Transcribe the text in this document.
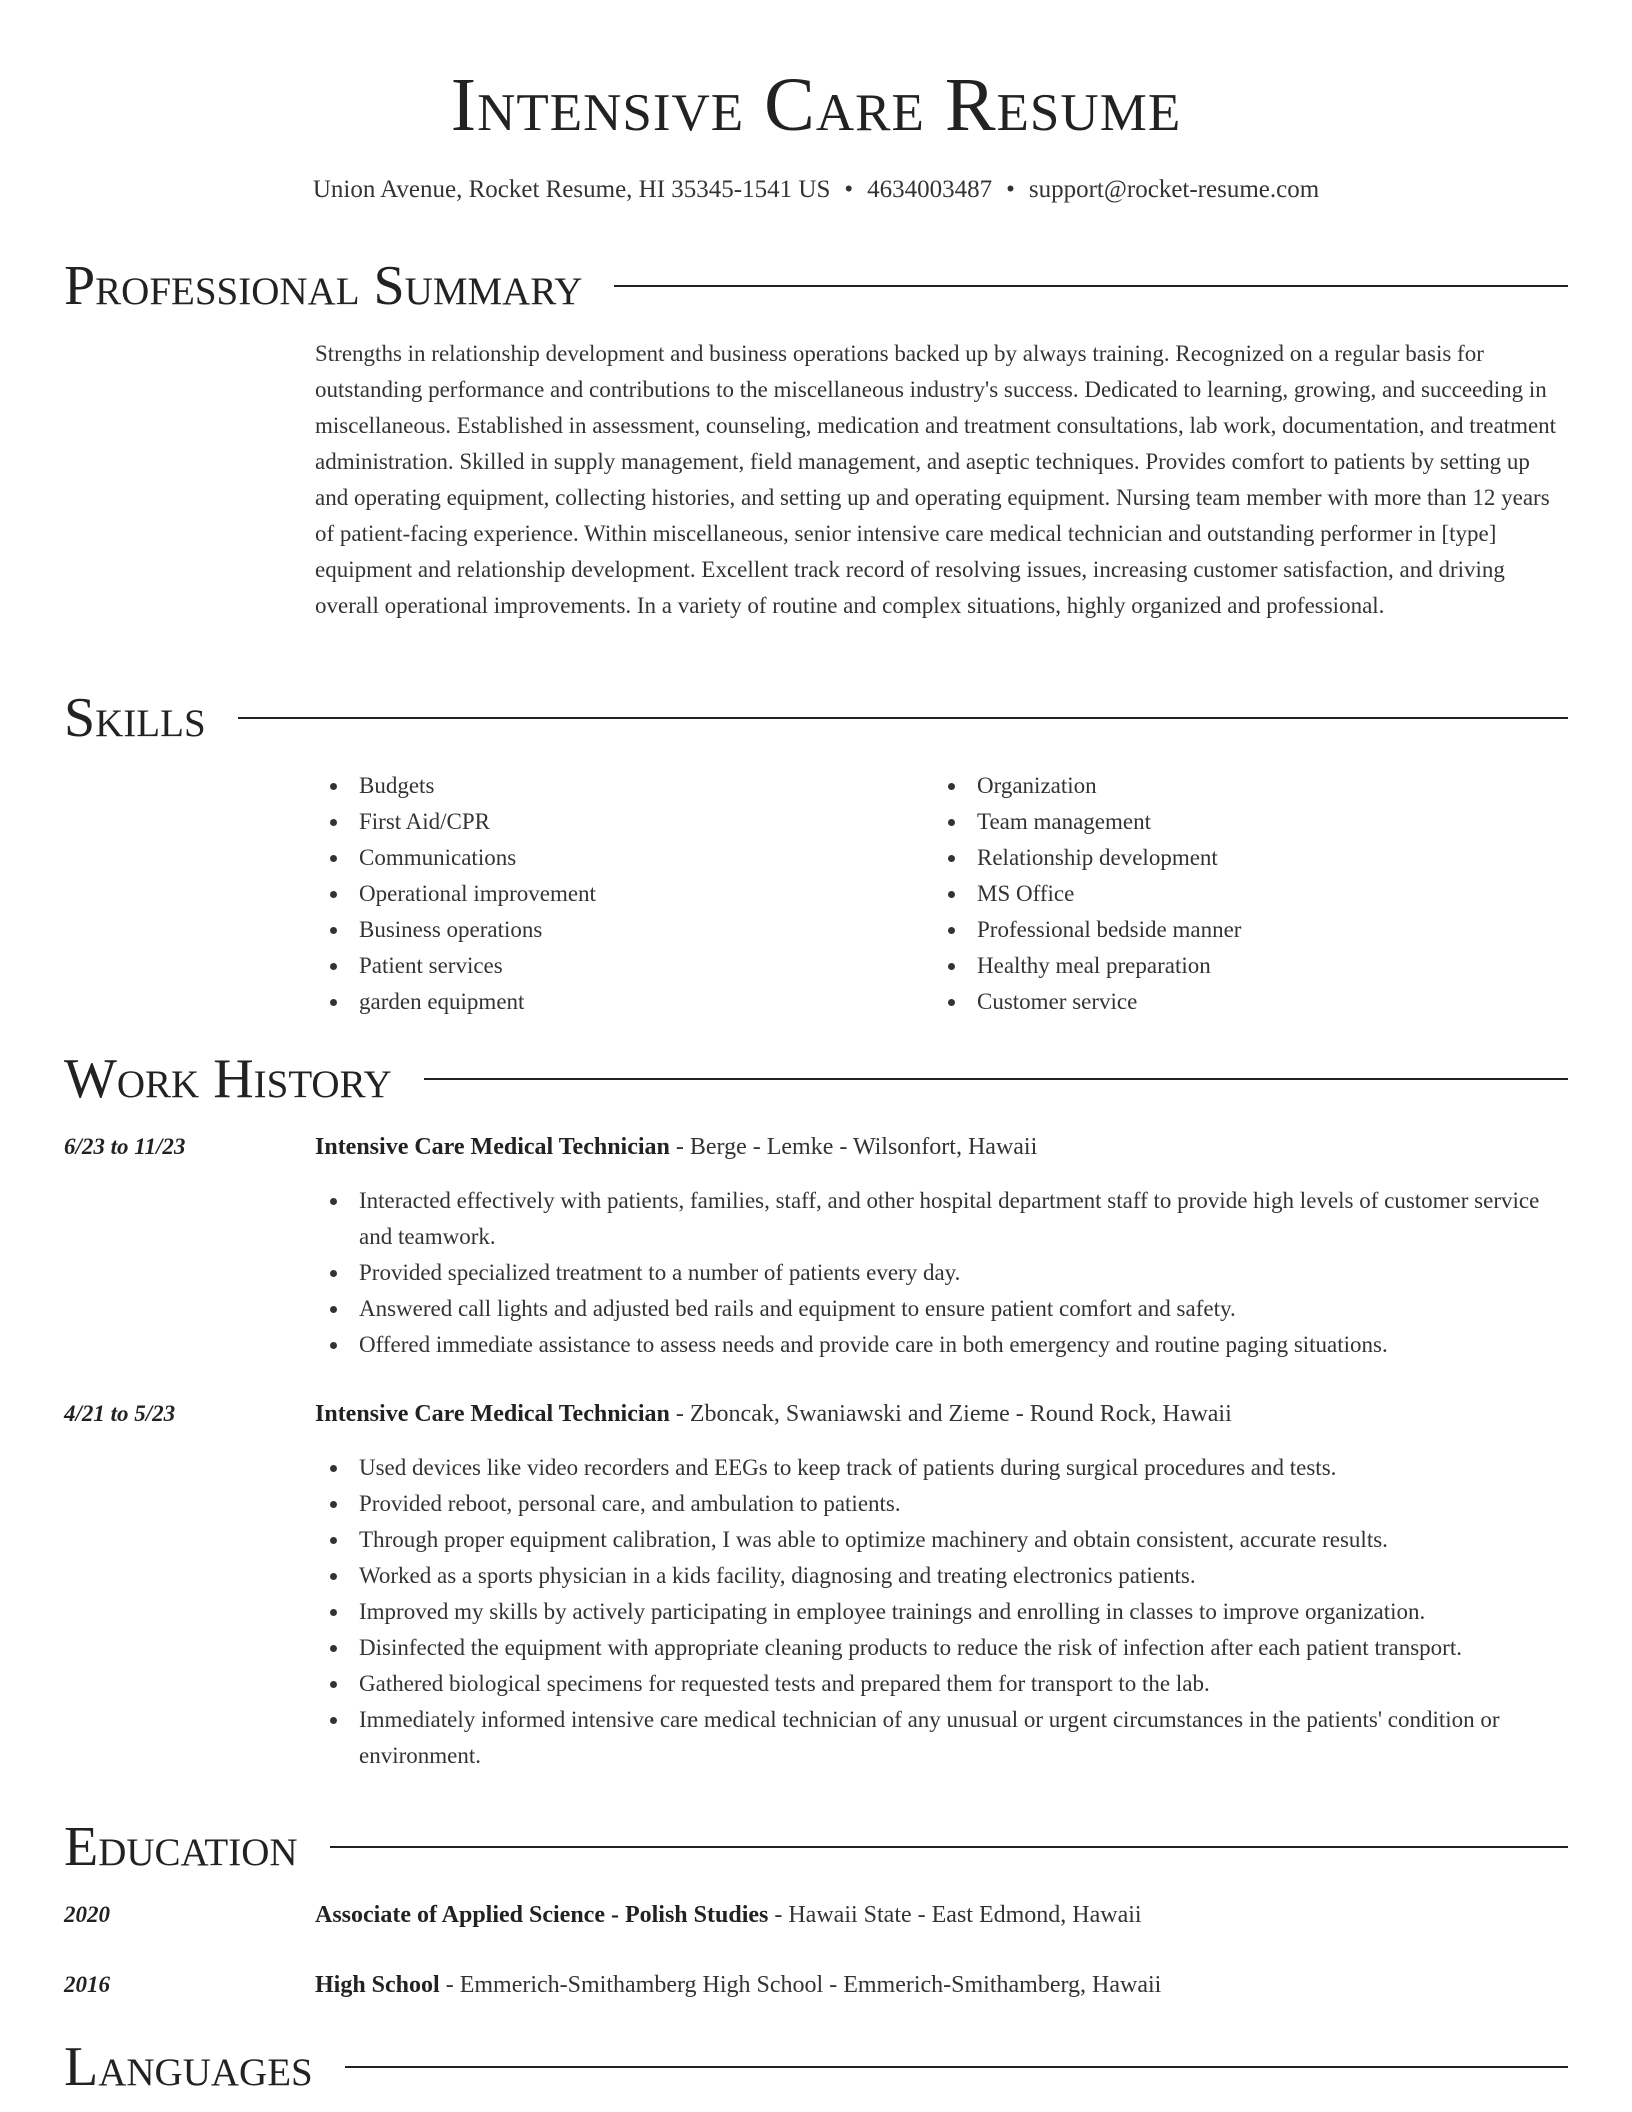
Intensive Care Resume
Union Avenue, Rocket Resume, HI 35345-1541 US • 4634003487 • support@rocket-resume.com
Professional Summary

Strengths in relationship development and business operations backed up by always training. Recognized on a regular basis for outstanding performance and contributions to the miscellaneous industry's success. Dedicated to learning, growing, and succeeding in miscellaneous. Established in assessment, counseling, medication and treatment consultations, lab work, documentation, and treatment administration. Skilled in supply management, field management, and aseptic techniques. Provides comfort to patients by setting up and operating equipment, collecting histories, and setting up and operating equipment. Nursing team member with more than 12 years of patient-facing experience. Within miscellaneous, senior intensive care medical technician and outstanding performer in [type] equipment and relationship development. Excellent track record of resolving issues, increasing customer satisfaction, and driving overall operational improvements. In a variety of routine and complex situations, highly organized and professional.

Skills
Budgets
First Aid/CPR
Communications
Operational improvement
Business operations
Patient services
garden equipment
Organization
Team management
Relationship development
MS Office
Professional bedside manner
Healthy meal preparation
Customer service
Work History
6/23 to 11/23	Intensive Care Medical Technician - Berge - Lemke - Wilsonfort, Hawaii
Interacted effectively with patients, families, staff, and other hospital department staff to provide high levels of customer service and teamwork.
Provided specialized treatment to a number of patients every day.
Answered call lights and adjusted bed rails and equipment to ensure patient comfort and safety.
Offered immediate assistance to assess needs and provide care in both emergency and routine paging situations.
4/21 to 5/23	Intensive Care Medical Technician - Zboncak, Swaniawski and Zieme - Round Rock, Hawaii
Used devices like video recorders and EEGs to keep track of patients during surgical procedures and tests.
Provided reboot, personal care, and ambulation to patients.
Through proper equipment calibration, I was able to optimize machinery and obtain consistent, accurate results.
Worked as a sports physician in a kids facility, diagnosing and treating electronics patients.
Improved my skills by actively participating in employee trainings and enrolling in classes to improve organization.
Disinfected the equipment with appropriate cleaning products to reduce the risk of infection after each patient transport.
Gathered biological specimens for requested tests and prepared them for transport to the lab.
Immediately informed intensive care medical technician of any unusual or urgent circumstances in the patients' condition or environment.
Education
2020	Associate of Applied Science - Polish Studies - Hawaii State - East Edmond, Hawaii
2016	High School - Emmerich-Smithamberg High School - Emmerich-Smithamberg, Hawaii
Languages
